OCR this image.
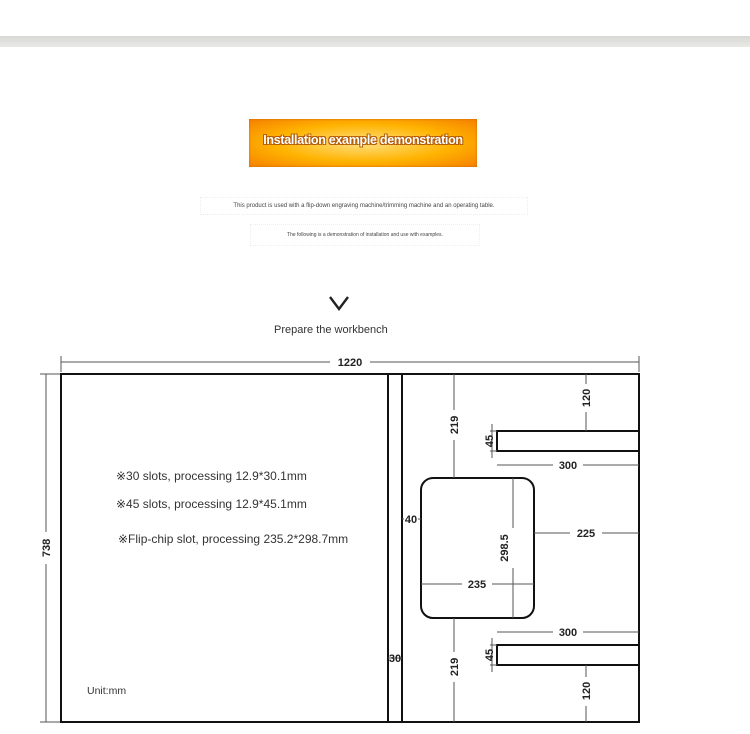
Installation example demonstration
This product is used with a flip-down engraving machine/trimming machine and an operating table.
The following is a demonstration of installation and use with examples.
Prepare the workbench
1220
738
219
219
120
120
45
45
300
300
40
30
298.5
235
225
※30 slots, processing 12.9*30.1mm
※45 slots, processing 12.9*45.1mm
※Flip-chip slot, processing 235.2*298.7mm
Unit:mm
